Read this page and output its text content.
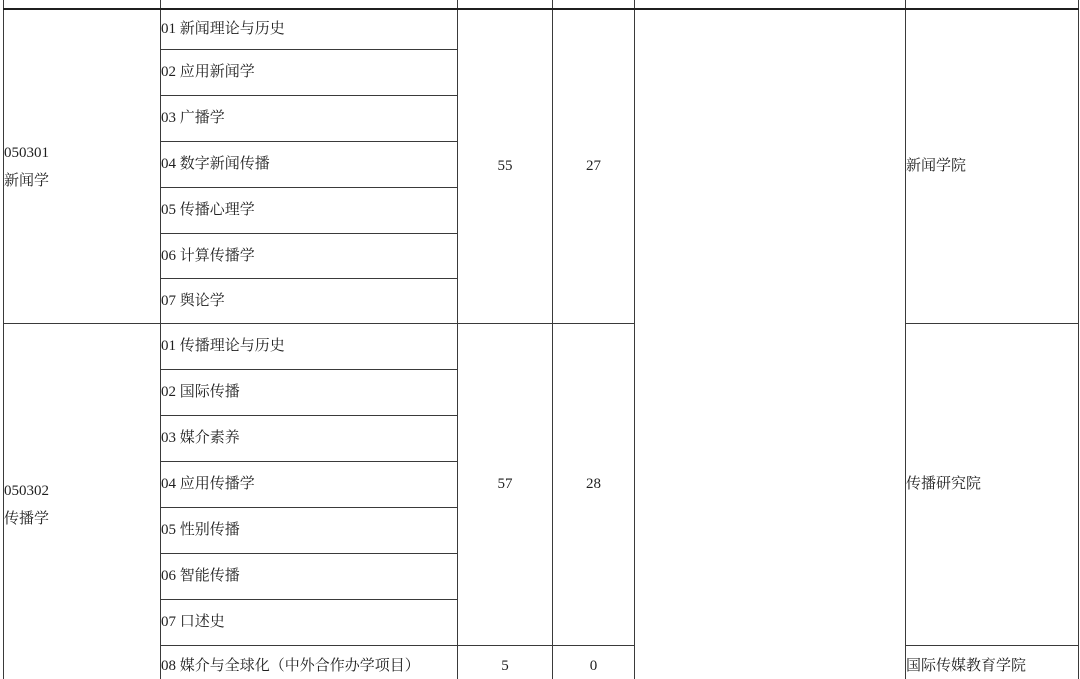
050301
新闻学	01 新闻理论与历史	55	27		新闻学院
	02 应用新闻学				
	03 广播学				
	04 数字新闻传播				
	05 传播心理学				
	06 计算传播学				
	07 舆论学				

050302
传播学	01 传播理论与历史	57	28		传播研究院
	02 国际传播				
	03 媒介素养				
	04 应用传播学				
	05 性别传播				
	06 智能传播				
	07 口述史				
	08 媒介与全球化（中外合作办学项目）	5	0		国际传媒教育学院
